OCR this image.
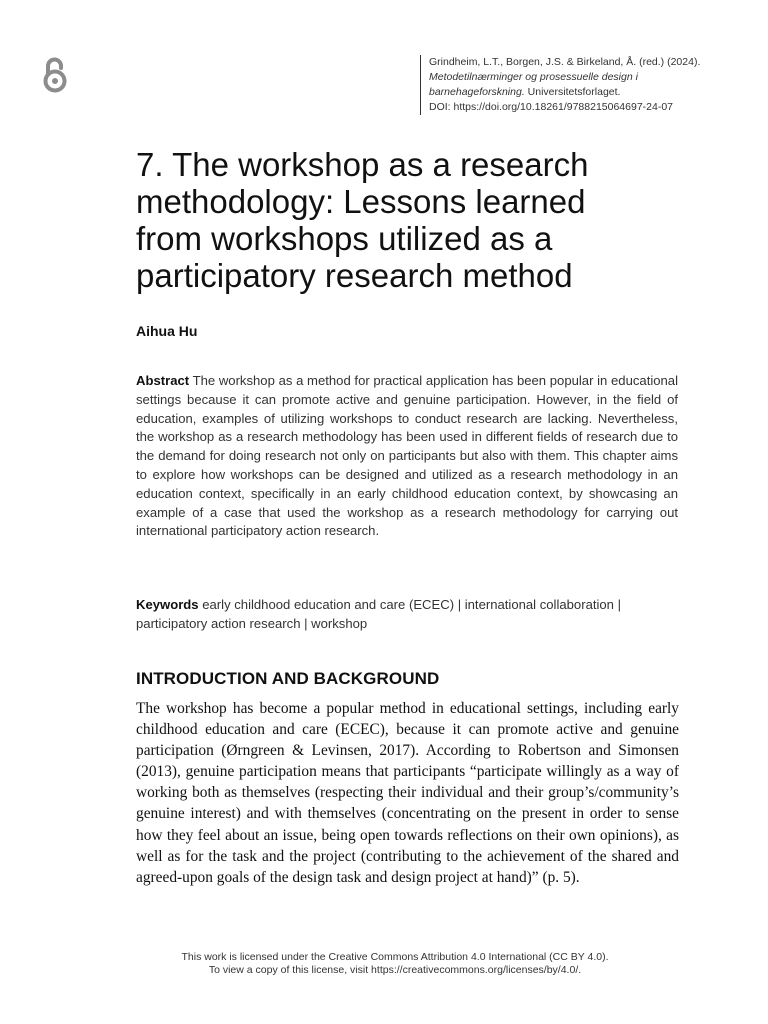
Grindheim, L.T., Borgen, J.S. & Birkeland, Å. (red.) (2024).
Metodetilnærminger og prosessuelle design i
barnehageforskning. Universitetsforlaget.
DOI: https://doi.org/10.18261/9788215064697-24-07
7. The workshop as a research
methodology: Lessons learned
from workshops utilized as a
participatory research method
Aihua Hu

Abstract The workshop as a method for practical application has been popular in educational settings because it can promote active and genuine participation. However, in the field of education, examples of utilizing workshops to conduct research are lacking. Nevertheless, the workshop as a research methodology has been used in different fields of research due to the demand for doing research not only on participants but also with them. This chapter aims to explore how workshops can be designed and utilized as a research methodology in an education context, specifically in an early childhood education context, by showcasing an example of a case that used the workshop as a research methodology for carrying out international participatory action research.

Keywords early childhood education and care (ECEC) | international collaboration | participatory action research | workshop

INTRODUCTION AND BACKGROUND

The workshop has become a popular method in educational settings, including early childhood education and care (ECEC), because it can promote active and genuine participation (Ørngreen & Levinsen, 2017). According to Robertson and Simonsen (2013), genuine participation means that participants “participate willingly as a way of working both as themselves (respecting their individual and their group’s/community’s genuine interest) and with themselves (concentrating on the present in order to sense how they feel about an issue, being open towards reflections on their own opinions), as well as for the task and the project (contributing to the achievement of the shared and agreed-upon goals of the design task and design project at hand)” (p. 5).

This work is licensed under the Creative Commons Attribution 4.0 International (CC BY 4.0).
To view a copy of this license, visit https://creativecommons.org/licenses/by/4.0/.
